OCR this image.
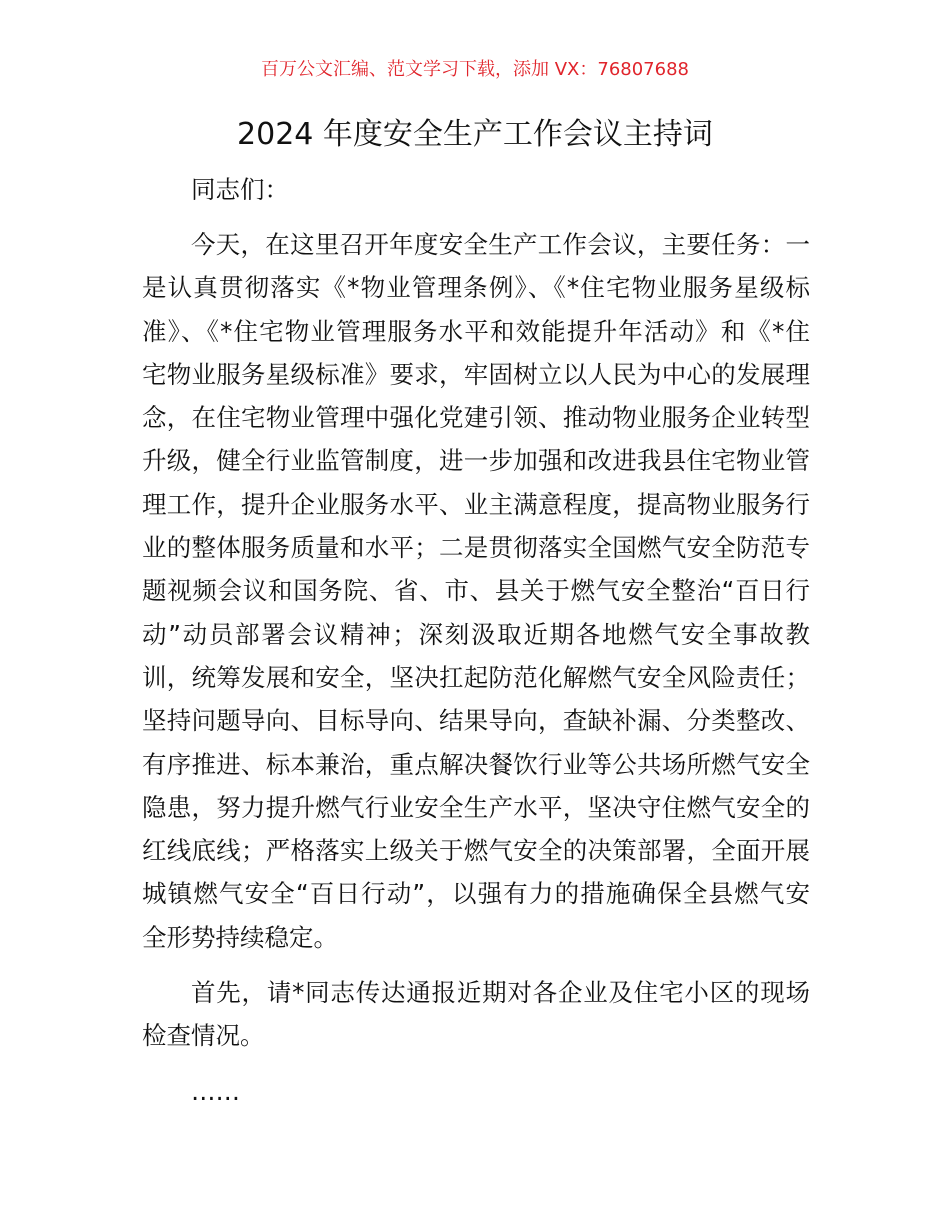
百万公文汇编、范文学习下载，添加 VX：76807688
2024 年度安全生产工作会议主持词
同志们：
今天，在这里召开年度安全生产工作会议，主要任务：一
是认真贯彻落实《*物业管理条例》、《*住宅物业服务星级标
准》、《*住宅物业管理服务水平和效能提升年活动》和《*住
宅物业服务星级标准》要求，牢固树立以人民为中心的发展理
念，在住宅物业管理中强化党建引领、推动物业服务企业转型
升级，健全行业监管制度，进一步加强和改进我县住宅物业管
理工作，提升企业服务水平、业主满意程度，提高物业服务行
业的整体服务质量和水平；二是贯彻落实全国燃气安全防范专
题视频会议和国务院、省、市、县关于燃气安全整治“百日行
动”动员部署会议精神；深刻汲取近期各地燃气安全事故教
训，统筹发展和安全，坚决扛起防范化解燃气安全风险责任；
坚持问题导向、目标导向、结果导向，查缺补漏、分类整改、
有序推进、标本兼治，重点解决餐饮行业等公共场所燃气安全
隐患，努力提升燃气行业安全生产水平，坚决守住燃气安全的
红线底线；严格落实上级关于燃气安全的决策部署，全面开展
城镇燃气安全“百日行动”，以强有力的措施确保全县燃气安
全形势持续稳定。
首先，请*同志传达通报近期对各企业及住宅小区的现场
检查情况。
……
